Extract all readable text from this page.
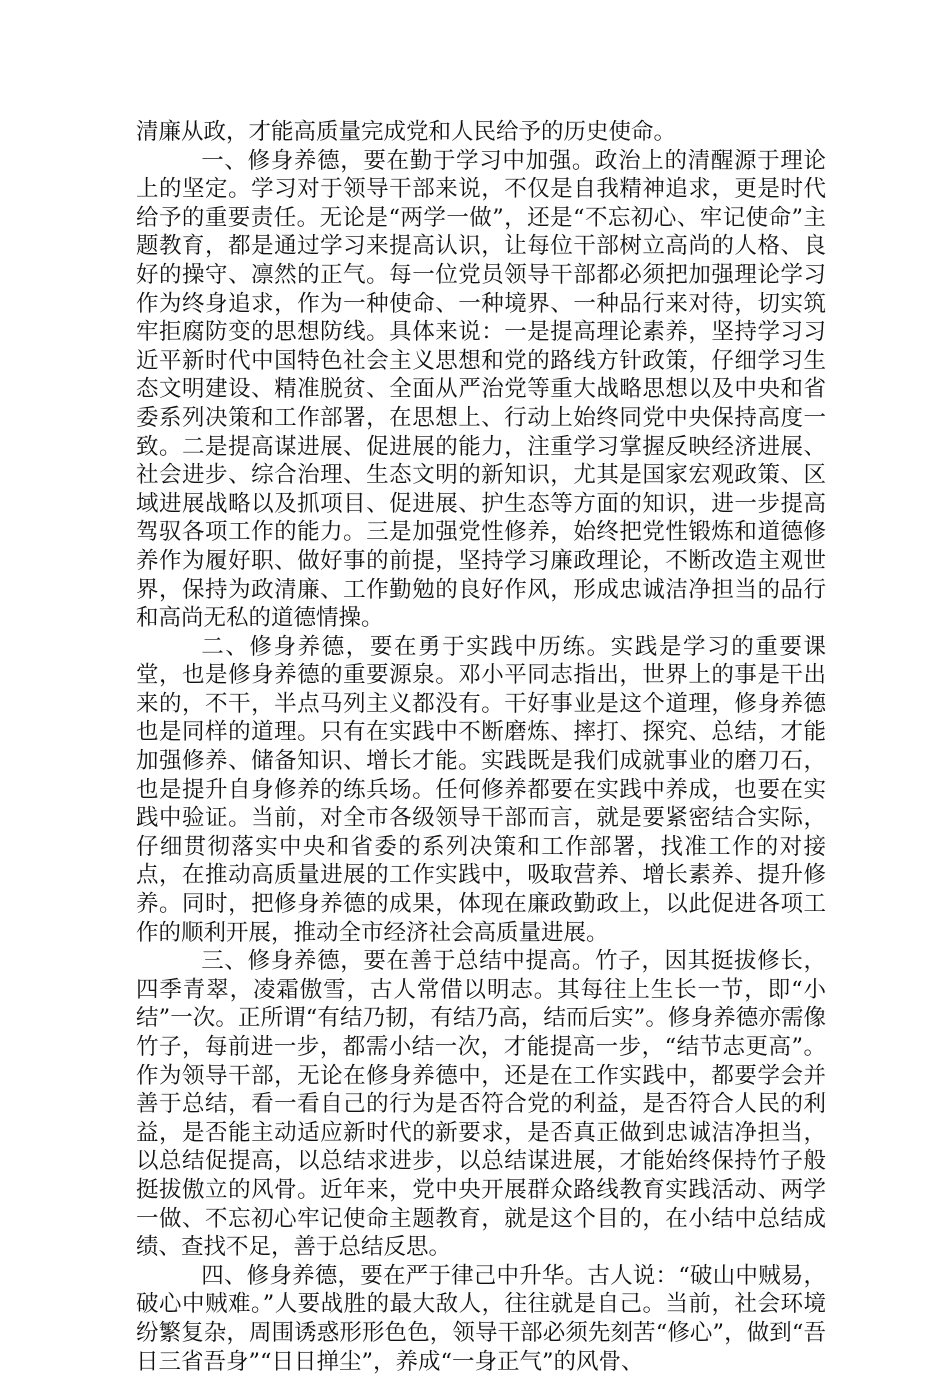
清廉从政，才能高质量完成党和人民给予的历史使命。

一、修身养德，要在勤于学习中加强。政治上的清醒源于理论上的坚定。学习对于领导干部来说，不仅是自我精神追求，更是时代给予的重要责任。无论是“两学一做”，还是“不忘初心、牢记使命”主题教育，都是通过学习来提高认识，让每位干部树立高尚的人格、良好的操守、凛然的正气。每一位党员领导干部都必须把加强理论学习作为终身追求，作为一种使命、一种境界、一种品行来对待，切实筑牢拒腐防变的思想防线。具体来说：一是提高理论素养，坚持学习习近平新时代中国特色社会主义思想和党的路线方针政策，仔细学习生态文明建设、精准脱贫、全面从严治党等重大战略思想以及中央和省委系列决策和工作部署，在思想上、行动上始终同党中央保持高度一致。二是提高谋进展、促进展的能力，注重学习掌握反映经济进展、社会进步、综合治理、生态文明的新知识，尤其是国家宏观政策、区域进展战略以及抓项目、促进展、护生态等方面的知识，进一步提高驾驭各项工作的能力。三是加强党性修养，始终把党性锻炼和道德修养作为履好职、做好事的前提，坚持学习廉政理论，不断改造主观世界，保持为政清廉、工作勤勉的良好作风，形成忠诚洁净担当的品行和高尚无私的道德情操。

二、修身养德，要在勇于实践中历练。实践是学习的重要课堂，也是修身养德的重要源泉。邓小平同志指出，世界上的事是干出来的，不干，半点马列主义都没有。干好事业是这个道理，修身养德也是同样的道理。只有在实践中不断磨炼、摔打、探究、总结，才能加强修养、储备知识、增长才能。实践既是我们成就事业的磨刀石，也是提升自身修养的练兵场。任何修养都要在实践中养成，也要在实践中验证。当前，对全市各级领导干部而言，就是要紧密结合实际，仔细贯彻落实中央和省委的系列决策和工作部署，找准工作的对接点，在推动高质量进展的工作实践中，吸取营养、增长素养、提升修养。同时，把修身养德的成果，体现在廉政勤政上，以此促进各项工作的顺利开展，推动全市经济社会高质量进展。

三、修身养德，要在善于总结中提高。竹子，因其挺拔修长，四季青翠，凌霜傲雪，古人常借以明志。其每往上生长一节，即“小结”一次。正所谓“有结乃韧，有结乃高，结而后实”。修身养德亦需像竹子，每前进一步，都需小结一次，才能提高一步，“结节志更高”。作为领导干部，无论在修身养德中，还是在工作实践中，都要学会并善于总结，看一看自己的行为是否符合党的利益，是否符合人民的利益，是否能主动适应新时代的新要求，是否真正做到忠诚洁净担当，以总结促提高，以总结求进步，以总结谋进展，才能始终保持竹子般挺拔傲立的风骨。近年来，党中央开展群众路线教育实践活动、两学一做、不忘初心牢记使命主题教育，就是这个目的，在小结中总结成绩、查找不足，善于总结反思。

四、修身养德，要在严于律己中升华。古人说：“破山中贼易，破心中贼难。”人要战胜的最大敌人，往往就是自己。当前，社会环境纷繁复杂，周围诱惑形形色色，领导干部必须先刻苦“修心”，做到“吾日三省吾身”“日日掸尘”，养成“一身正气”的风骨、
